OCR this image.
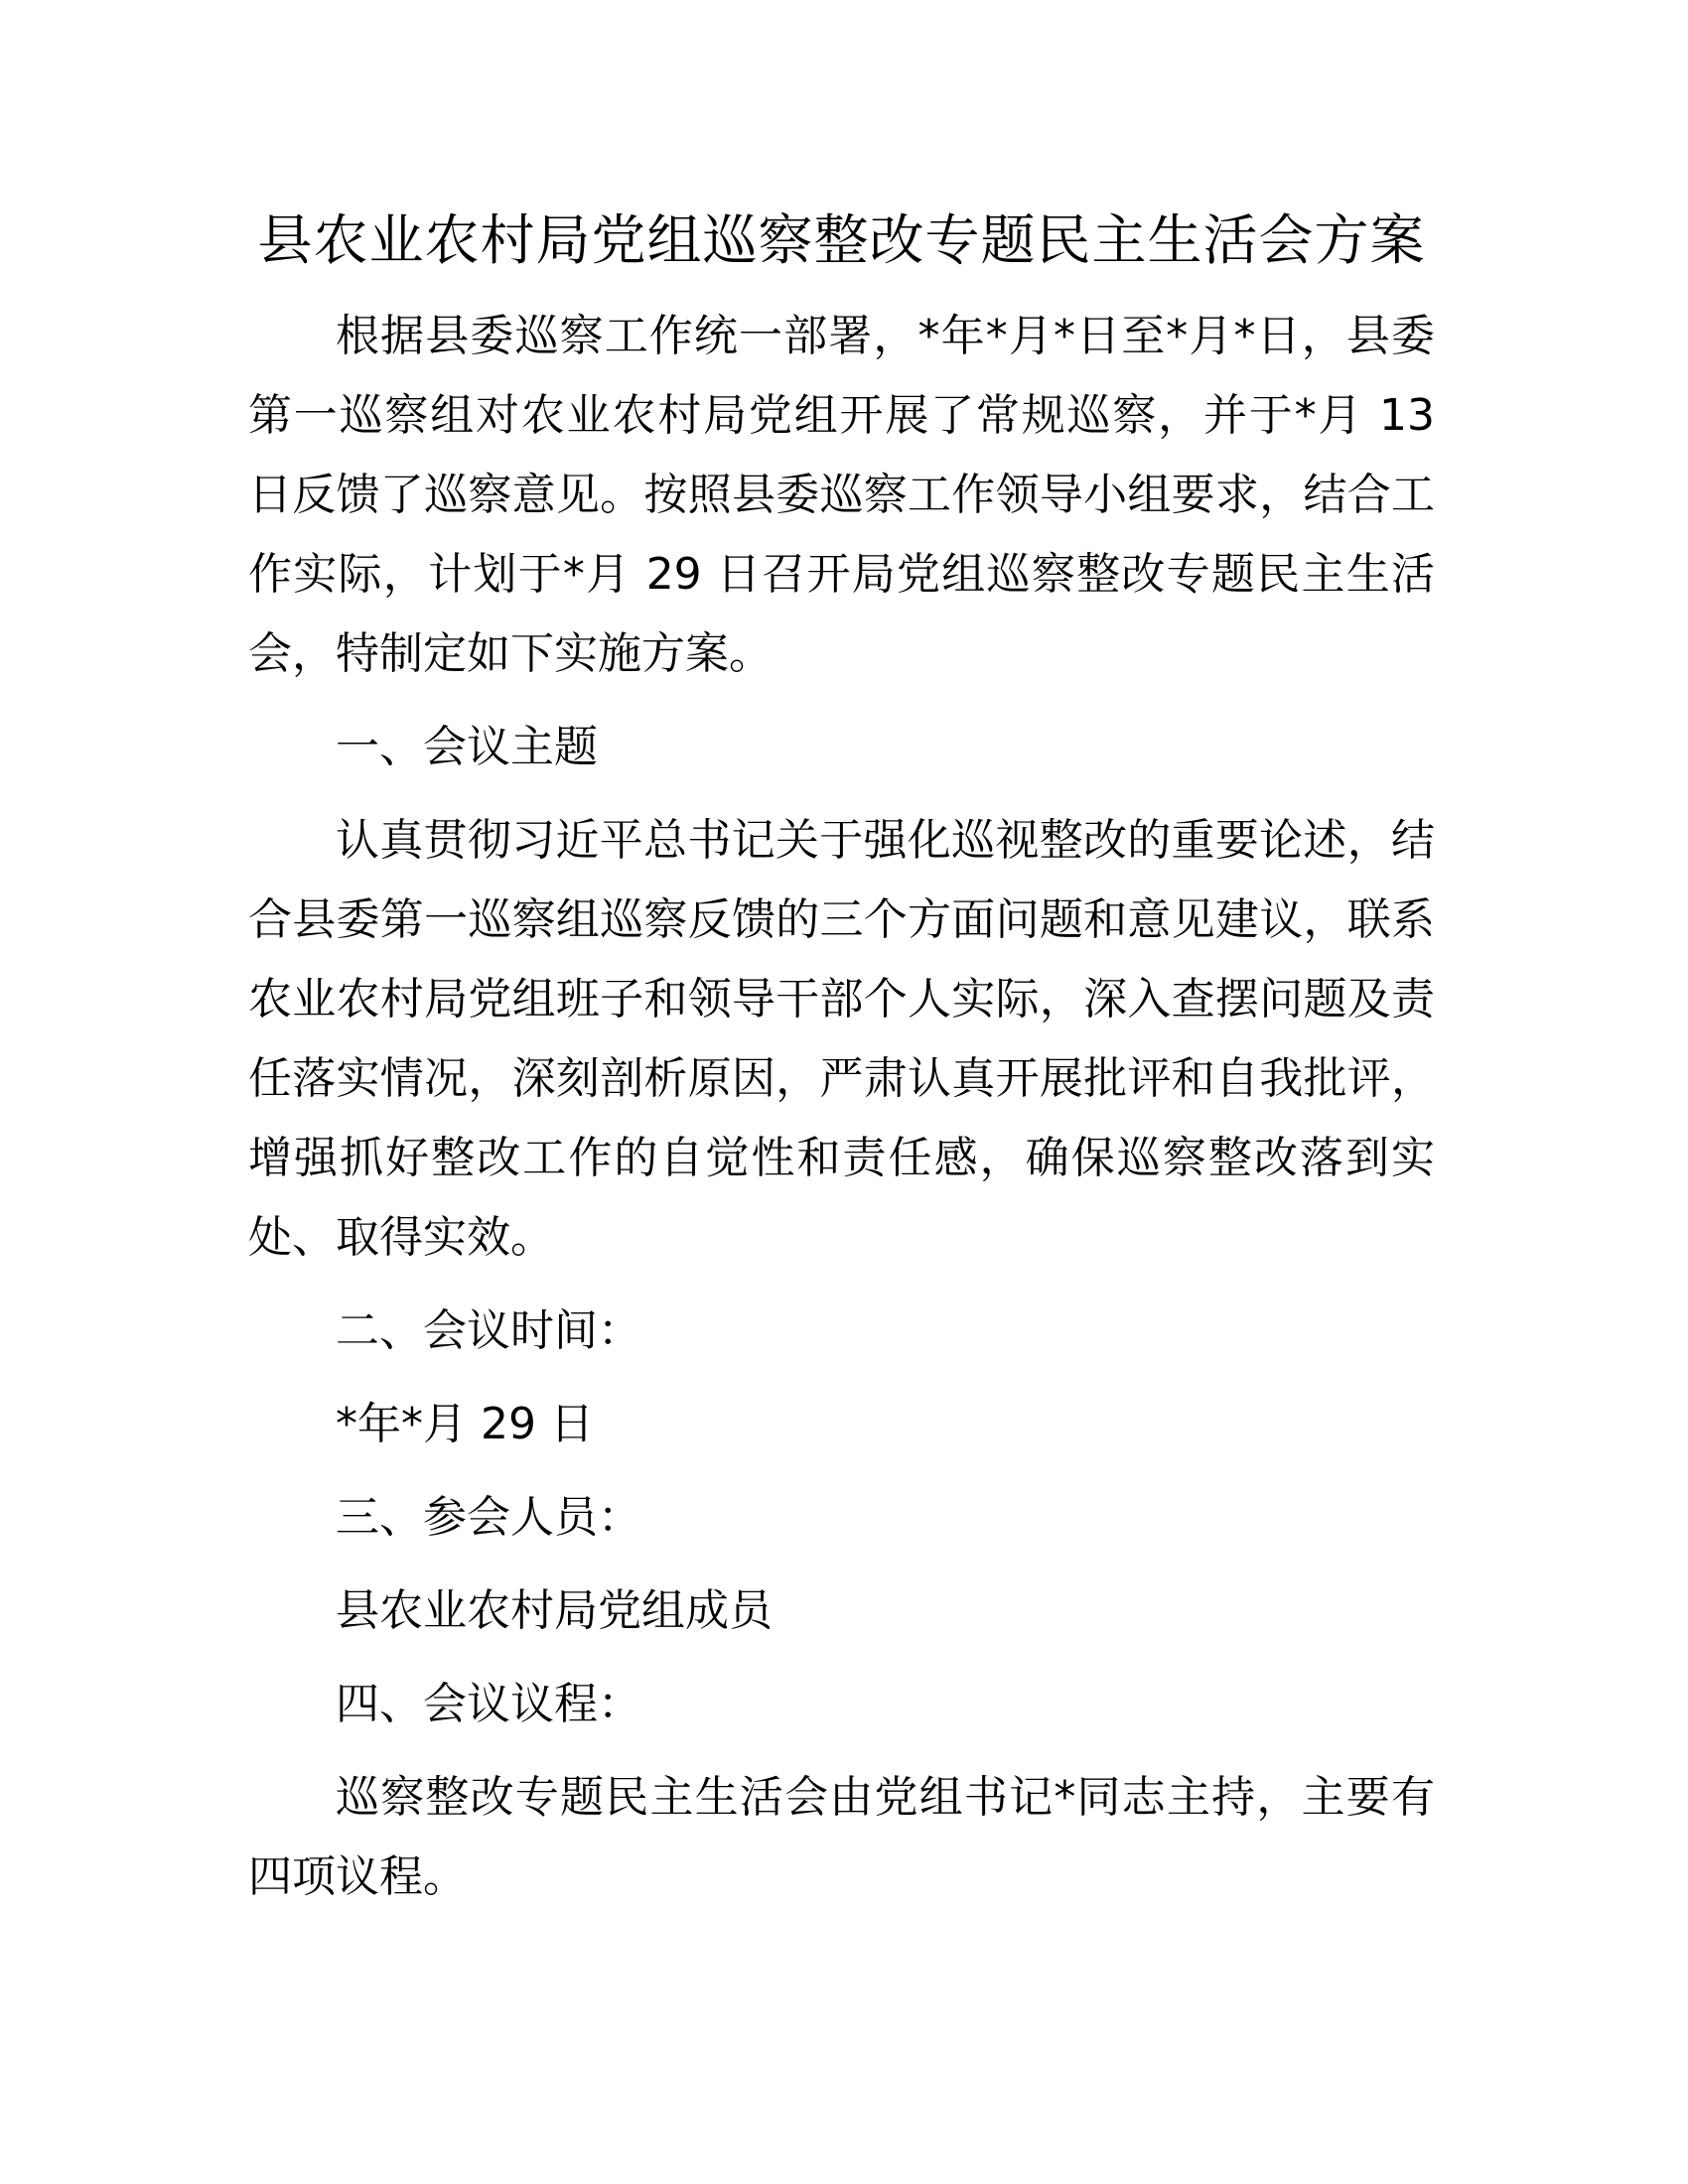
县农业农村局党组巡察整改专题民主生活会方案

根据县委巡察工作统一部署，*年*月*日至*月*日，县委第一巡察组对农业农村局党组开展了常规巡察，并于*月 13 日反馈了巡察意见。按照县委巡察工作领导小组要求，结合工作实际，计划于*月 29 日召开局党组巡察整改专题民主生活会，特制定如下实施方案。

一、会议主题

认真贯彻习近平总书记关于强化巡视整改的重要论述，结合县委第一巡察组巡察反馈的三个方面问题和意见建议，联系农业农村局党组班子和领导干部个人实际，深入查摆问题及责任落实情况，深刻剖析原因，严肃认真开展批评和自我批评，增强抓好整改工作的自觉性和责任感，确保巡察整改落到实处、取得实效。

二、会议时间：

*年*月 29 日

三、参会人员：

县农业农村局党组成员

四、会议议程：

巡察整改专题民主生活会由党组书记*同志主持，主要有四项议程。
